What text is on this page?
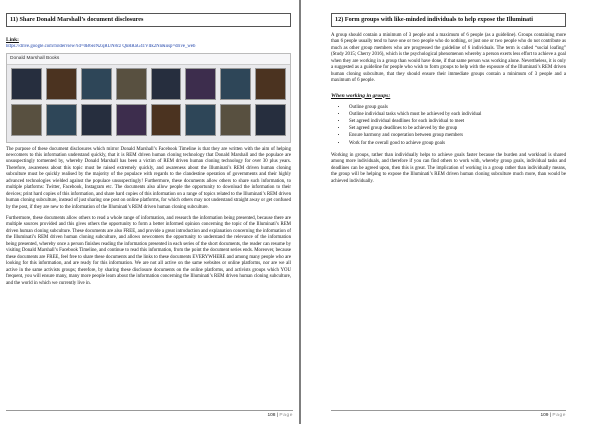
11) Share Donald Marshall’s document disclosures
Link:
https://drive.google.com/folderview?id=0B6eJNZqRUN8cz QnRRaG41VlIk2Nn&usp=drive_web
Donald Marshall Books

The purpose of these document disclosures which mirror Donald Marshall’s Facebook Timeline is that they are written with the aim of helping newcomers to this information understand quickly, that it is REM driven human cloning technology that Donald Marshall and the populace are unsuspectingly tormented by, whereby Donald Marshall has been a victim of REM driven human cloning technology for over 30 plus years. Therefore, awareness about this topic must be raised extremely quickly, and awareness about the Illuminati’s REM driven human cloning subculture must be quickly realised by the majority of the populace with regards to the clandestine operation of governments and their highly advanced technologies wielded against the populace unsuspectingly! Furthermore, these documents allow others to share such information, to multiple platforms: Twitter, Facebook, Instagram etc. The documents also allow people the opportunity to download the information to their devices; print hard copies of this information, and share hard copies of this information on a range of topics related to the Illuminati’s REM driven human cloning subculture, instead of just sharing one post on online platforms, for which others may not understand straight away or get confused by the post, if they are new to the information of the Illuminati’s REM driven human cloning subculture.

Furthermore, these documents allow others to read a whole range of information, and research the information being presented, because there are multiple sources provided and this gives others the opportunity to form a better informed opinion concerning the topic of the Illuminati’s REM driven human cloning subculture. These documents are also FREE, and provide a great introduction and explanation concerning the information of the Illuminati’s REM driven human cloning subculture, and allows newcomers the opportunity to understand the relevance of the information being presented, whereby once a person finishes reading the information presented in each series of the short documents, the reader can resume by visiting Donald Marshall’s Facebook Timeline, and continue to read this information, from the point the document series ends. Moreover, because these documents are FREE, feel free to share these documents and the links to these documents EVERYWHERE and among many people who are looking for this information, and are ready for this information. We are not all active on the same websites or online platforms, nor are we all active in the same activists groups; therefore, by sharing these disclosure documents on the online platforms, and activists groups which YOU frequent, you will ensure many, many more people learn about the information concerning the Illuminati’s REM driven human cloning subculture, and the world in which we currently live in.

108 | Page
12) Form groups with like-minded individuals to help expose the Illuminati

A group should contain a minimum of 3 people and a maximum of 6 people (as a guideline). Groups containing more than 6 people usually tend to have one or two people who do nothing, or just one or two people who do not contribute as much as other group members who are progressed the guideline of 6 individuals. The term is called “social loafing” (Study 2015; Cherry 2016), which is the psychological phenomenon whereby a person exerts less effort to achieve a goal when they are working in a group than would have done, if that same person was working alone. Nevertheless, it is only a suggested as a guideline for people who wish to form groups to help with the exposure of the Illuminati’s REM driven human cloning subculture, that they should ensure their immediate groups contain a minimum of 3 people and a maximum of 6 people.

When working in groups:
• Outline group goals
• Outline individual tasks which must be achieved by each individual
• Set agreed individual deadlines for each individual to meet
• Set agreed group deadlines to be achieved by the group
• Ensure harmony and cooperation between group members
• Work for the overall good to achieve group goals

Working in groups, rather than individually helps to achieve goals faster because the burden and workload is shared among more individuals, and therefore if you can find others to work with, whereby group goals, individual tasks and deadlines can be agreed upon, then this is great. The implication of working in a group rather than individually means, the group will be helping to expose the Illuminati’s REM driven human cloning subculture much more, than would be achieved individually.

109 | Page
